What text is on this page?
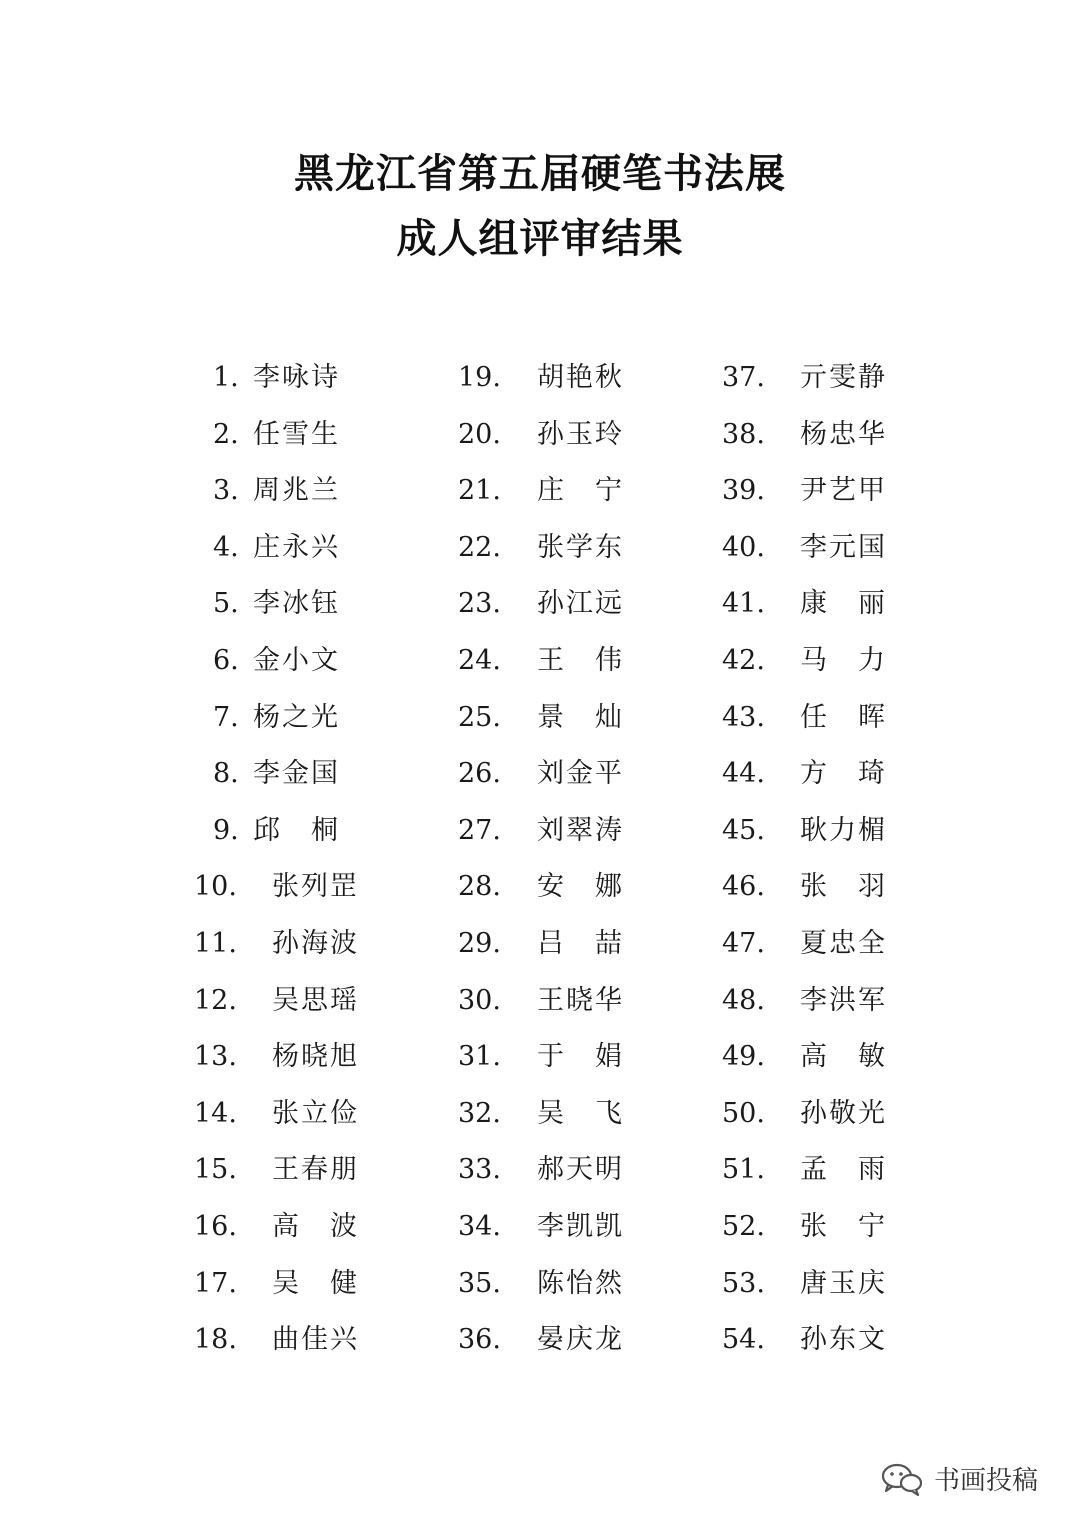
黑龙江省第五届硬笔书法展
成人组评审结果
1. 李咏诗
2. 任雪生
3. 周兆兰
4. 庄永兴
5. 李冰钰
6. 金小文
7. 杨之光
8. 李金国
9. 邱　桐
10. 张列罡
11. 孙海波
12. 吴思瑶
13. 杨晓旭
14. 张立俭
15. 王春朋
16. 高　波
17. 吴　健
18. 曲佳兴
19. 胡艳秋
20. 孙玉玲
21. 庄　宁
22. 张学东
23. 孙江远
24. 王　伟
25. 景　灿
26. 刘金平
27. 刘翠涛
28. 安　娜
29. 吕　喆
30. 王晓华
31. 于　娟
32. 吴　飞
33. 郝天明
34. 李凯凯
35. 陈怡然
36. 晏庆龙
37. 亓雯静
38. 杨忠华
39. 尹艺甲
40. 李元国
41. 康　丽
42. 马　力
43. 任　晖
44. 方　琦
45. 耿力楣
46. 张　羽
47. 夏忠全
48. 李洪军
49. 高　敏
50. 孙敬光
51. 孟　雨
52. 张　宁
53. 唐玉庆
54. 孙东文
书画投稿
